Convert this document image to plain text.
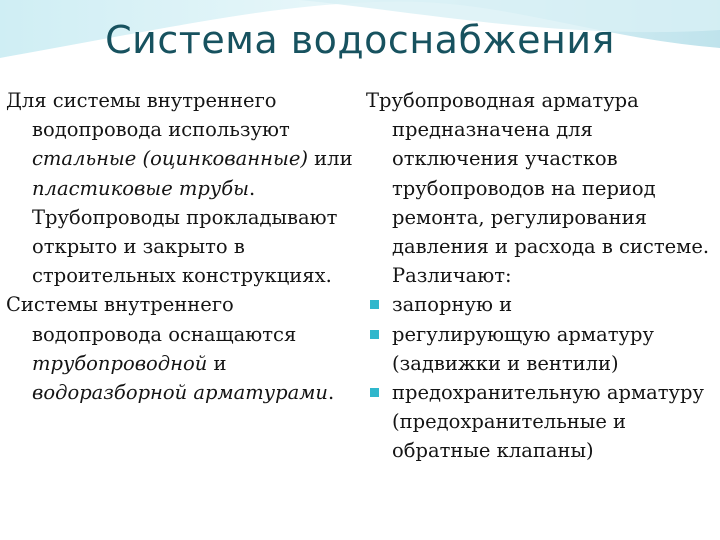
Система водоснабжения

Для системы внутреннего водопровода используют стальные (оцинкованные) или пластиковые трубы. Трубопроводы прокладывают открыто и закрыто в строительных конструкциях.

Системы внутреннего водопровода оснащаются трубопроводной и водоразборной арматурами.

Трубопроводная арматура предназначена для отключения участков трубопроводов на период ремонта, регулирования давления и расхода в системе. Различают:

запорную и
регулирующую арматуру (задвижки и вентили)
предохранительную арматуру (предохранительные и обратные клапаны)
